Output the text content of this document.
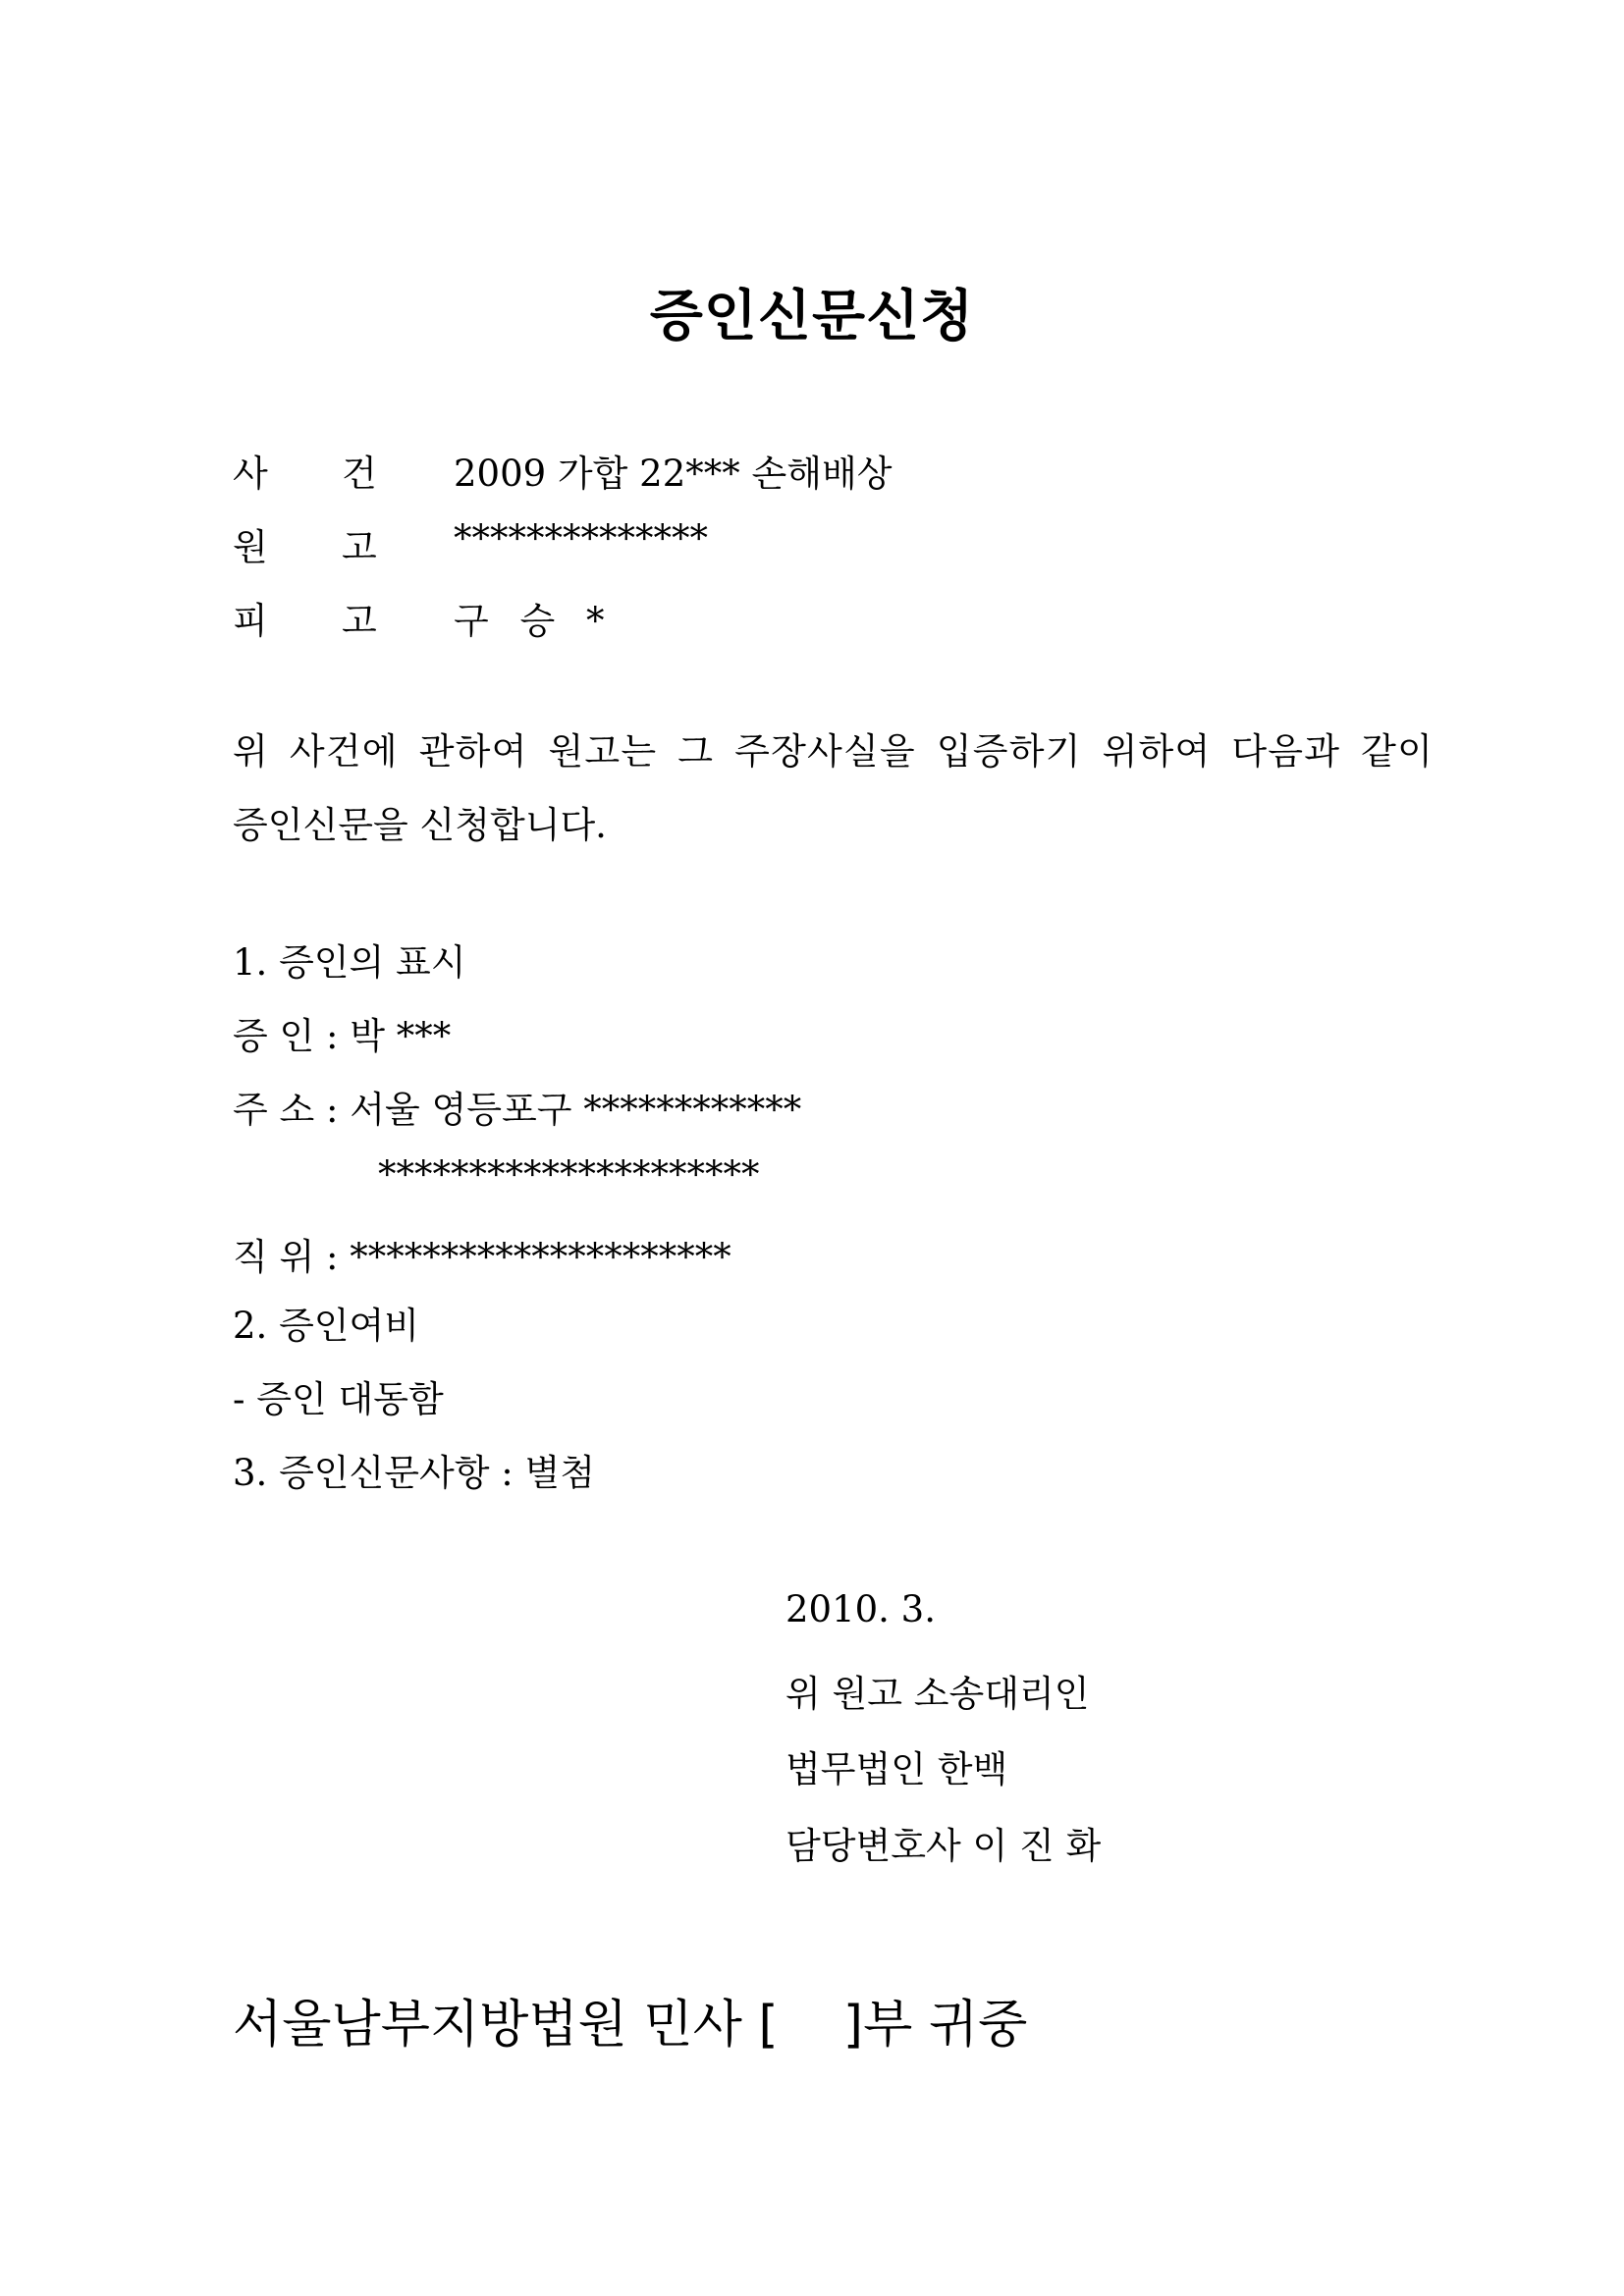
증인신문신청
사 건 2009 가합 22*** 손해배상
원 고 **************
피 고 구 승 *
위 사건에 관하여 원고는 그 주장사실을 입증하기 위하여 다음과 같이
증인신문을 신청합니다.
1. 증인의 표시
증 인 : 박 ***
주 소 : 서울 영등포구 ************
*********************
직 위 : *********************
2. 증인여비
- 증인 대동함
3. 증인신문사항 : 별첨
2010. 3.
위 원고 소송대리인
법무법인 한백
담당변호사 이 진 화
서울남부지방법원 민사 [    ]부 귀중
